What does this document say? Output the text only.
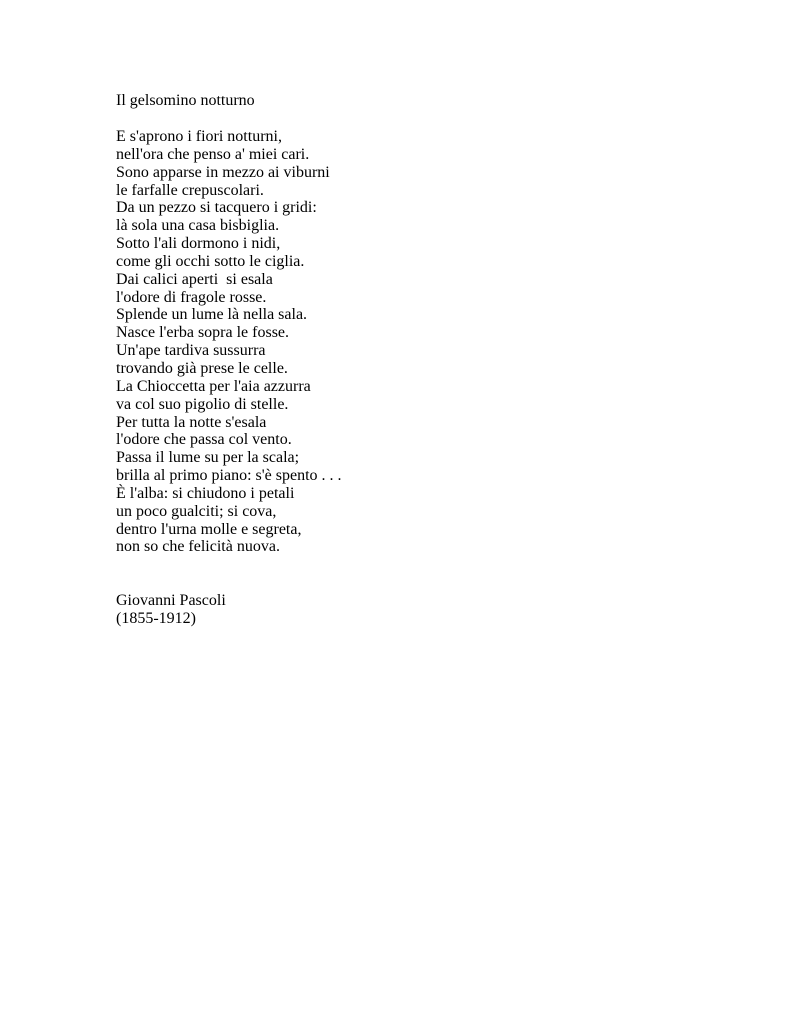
Il gelsomino notturno
E s'aprono i fiori notturni,
nell'ora che penso a' miei cari.
Sono apparse in mezzo ai viburni
le farfalle crepuscolari.
Da un pezzo si tacquero i gridi:
là sola una casa bisbiglia.
Sotto l'ali dormono i nidi,
come gli occhi sotto le ciglia.
Dai calici aperti  si esala
l'odore di fragole rosse.
Splende un lume là nella sala.
Nasce l'erba sopra le fosse.
Un'ape tardiva sussurra
trovando già prese le celle.
La Chioccetta per l'aia azzurra
va col suo pigolio di stelle.
Per tutta la notte s'esala
l'odore che passa col vento.
Passa il lume su per la scala;
brilla al primo piano: s'è spento . . .
È l'alba: si chiudono i petali
un poco gualciti; si cova,
dentro l'urna molle e segreta,
non so che felicità nuova.
Giovanni Pascoli
(1855-1912)
